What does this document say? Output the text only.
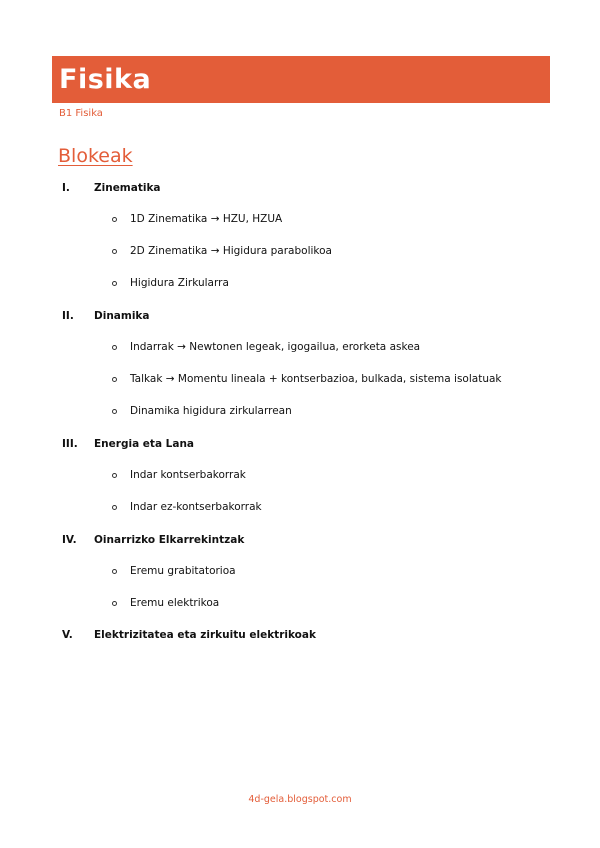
Fisika
B1 Fisika
Blokeak
I. Zinematika
1D Zinematika → HZU, HZUA
2D Zinematika → Higidura parabolikoa
Higidura Zirkularra
II. Dinamika
Indarrak → Newtonen legeak, igogailua, erorketa askea
Talkak → Momentu lineala + kontserbazioa, bulkada, sistema isolatuak
Dinamika higidura zirkularrean
III. Energia eta Lana
Indar kontserbakorrak
Indar ez-kontserbakorrak
IV. Oinarrizko Elkarrekintzak
Eremu grabitatorioa
Eremu elektrikoa
V. Elektrizitatea eta zirkuitu elektrikoak
4d-gela.blogspot.com
